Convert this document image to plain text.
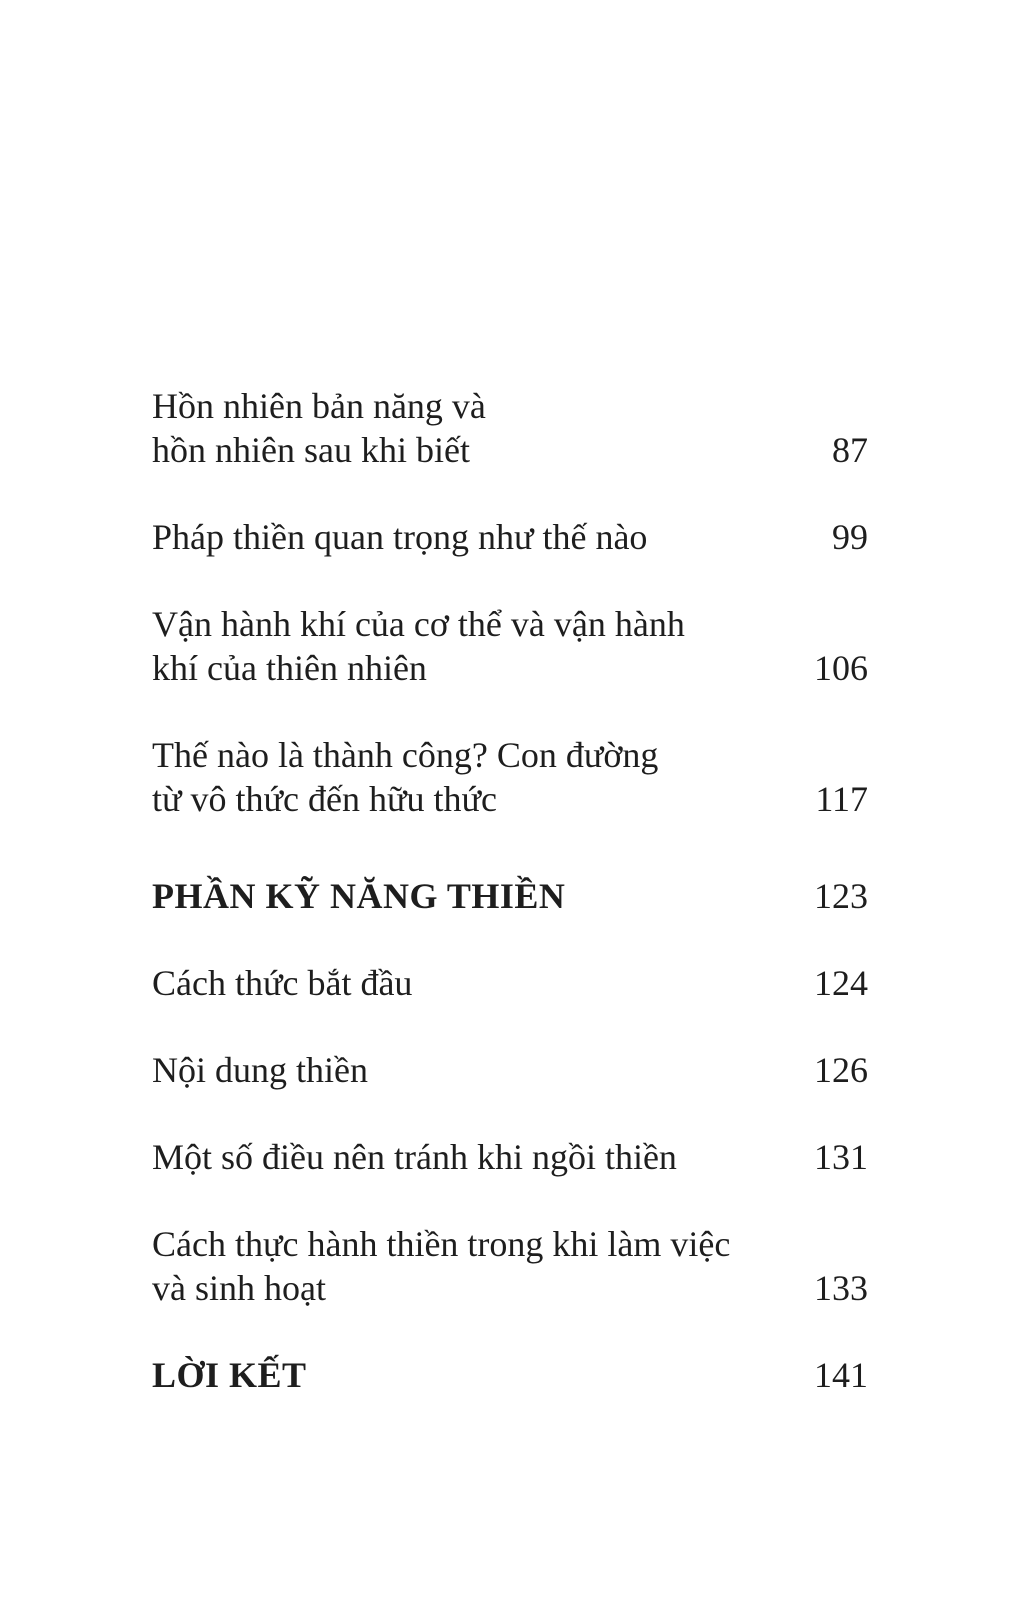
Hồn nhiên bản năng và
hồn nhiên sau khi biết	87
Pháp thiền quan trọng như thế nào	99
Vận hành khí của cơ thể và vận hành
khí của thiên nhiên	106
Thế nào là thành công? Con đường
từ vô thức đến hữu thức	117
PHẦN KỸ NĂNG THIỀN	123
Cách thức bắt đầu	124
Nội dung thiền	126
Một số điều nên tránh khi ngồi thiền	131
Cách thực hành thiền trong khi làm việc
và sinh hoạt	133
LỜI KẾT	141
